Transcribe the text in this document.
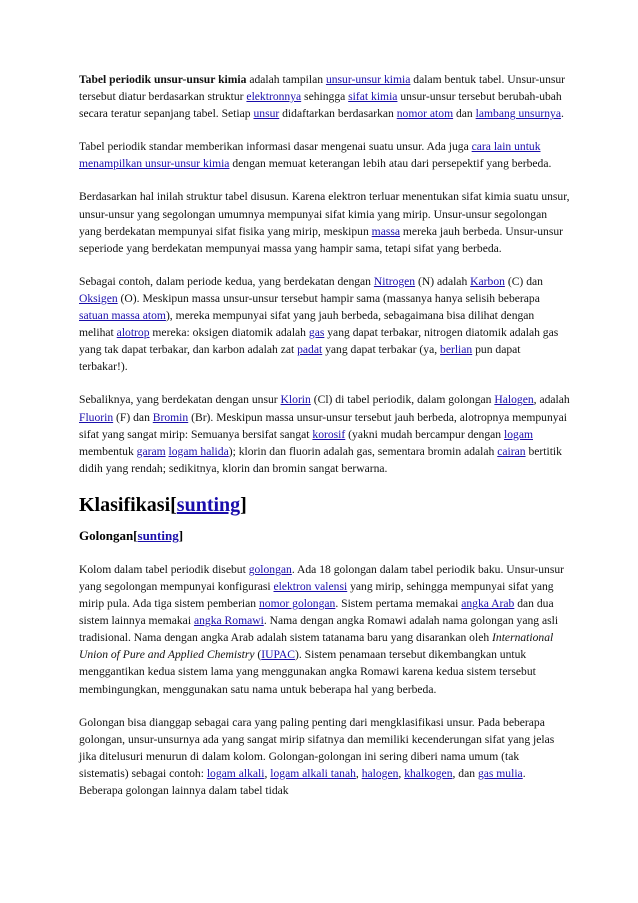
Tabel periodik unsur-unsur kimia adalah tampilan unsur-unsur kimia dalam bentuk tabel. Unsur-unsur tersebut diatur berdasarkan struktur elektronnya sehingga sifat kimia unsur-unsur tersebut berubah-ubah secara teratur sepanjang tabel. Setiap unsur didaftarkan berdasarkan nomor atom dan lambang unsurnya.

Tabel periodik standar memberikan informasi dasar mengenai suatu unsur. Ada juga cara lain untuk menampilkan unsur-unsur kimia dengan memuat keterangan lebih atau dari persepektif yang berbeda.

Berdasarkan hal inilah struktur tabel disusun. Karena elektron terluar menentukan sifat kimia suatu unsur, unsur-unsur yang segolongan umumnya mempunyai sifat kimia yang mirip. Unsur-unsur segolongan yang berdekatan mempunyai sifat fisika yang mirip, meskipun massa mereka jauh berbeda. Unsur-unsur seperiode yang berdekatan mempunyai massa yang hampir sama, tetapi sifat yang berbeda.

Sebagai contoh, dalam periode kedua, yang berdekatan dengan Nitrogen (N) adalah Karbon (C) dan Oksigen (O). Meskipun massa unsur-unsur tersebut hampir sama (massanya hanya selisih beberapa satuan massa atom), mereka mempunyai sifat yang jauh berbeda, sebagaimana bisa dilihat dengan melihat alotrop mereka: oksigen diatomik adalah gas yang dapat terbakar, nitrogen diatomik adalah gas yang tak dapat terbakar, dan karbon adalah zat padat yang dapat terbakar (ya, berlian pun dapat terbakar!).

Sebaliknya, yang berdekatan dengan unsur Klorin (Cl) di tabel periodik, dalam golongan Halogen, adalah Fluorin (F) dan Bromin (Br). Meskipun massa unsur-unsur tersebut jauh berbeda, alotropnya mempunyai sifat yang sangat mirip: Semuanya bersifat sangat korosif (yakni mudah bercampur dengan logam membentuk garam logam halida); klorin dan fluorin adalah gas, sementara bromin adalah cairan bertitik didih yang rendah; sedikitnya, klorin dan bromin sangat berwarna.

Klasifikasi[sunting]
Golongan[sunting]

Kolom dalam tabel periodik disebut golongan. Ada 18 golongan dalam tabel periodik baku. Unsur-unsur yang segolongan mempunyai konfigurasi elektron valensi yang mirip, sehingga mempunyai sifat yang mirip pula. Ada tiga sistem pemberian nomor golongan. Sistem pertama memakai angka Arab dan dua sistem lainnya memakai angka Romawi. Nama dengan angka Romawi adalah nama golongan yang asli tradisional. Nama dengan angka Arab adalah sistem tatanama baru yang disarankan oleh International Union of Pure and Applied Chemistry (IUPAC). Sistem penamaan tersebut dikembangkan untuk menggantikan kedua sistem lama yang menggunakan angka Romawi karena kedua sistem tersebut membingungkan, menggunakan satu nama untuk beberapa hal yang berbeda.

Golongan bisa dianggap sebagai cara yang paling penting dari mengklasifikasi unsur. Pada beberapa golongan, unsur-unsurnya ada yang sangat mirip sifatnya dan memiliki kecenderungan sifat yang jelas jika ditelusuri menurun di dalam kolom. Golongan-golongan ini sering diberi nama umum (tak sistematis) sebagai contoh: logam alkali, logam alkali tanah, halogen, khalkogen, dan gas mulia. Beberapa golongan lainnya dalam tabel tidak
